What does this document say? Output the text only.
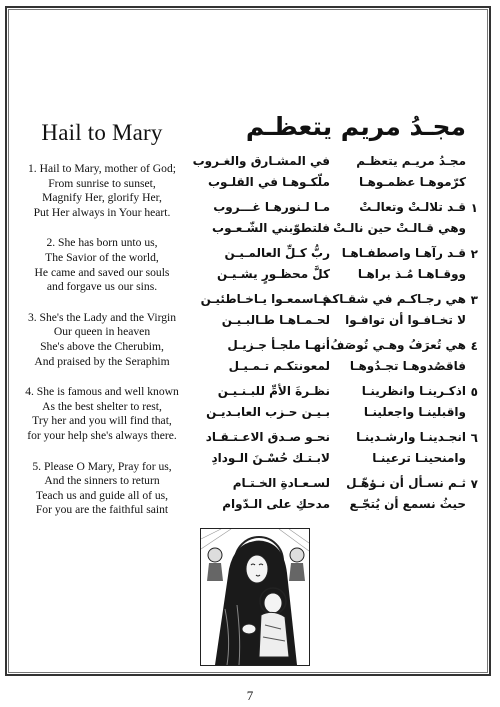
Hail to Mary
1. Hail to Mary, mother of God;
From sunrise to sunset,
Magnify Her, glorify Her,
Put Her always in Your heart.
2. She has born unto us,
The Savior of the world,
He came and saved our souls
and forgave us our sins.
3. She's the Lady and the Virgin
Our queen in heaven
She's above the Cherubim,
And praised by the Seraphim
4. She is famous and well known
As the best shelter to rest,
Try her and you will find that,
for your help she's always there.
5. Please O Mary, Pray for us,
And the sinners to return
Teach us and guide all of us,
For you are the faithful saint
مجـدُ مريم يتعظـم
مجـدُ مريـم يتعظـم
كرّموهـا عظمـوهـا
في المشـارق والغـروب
ملّكـوهـا في القلـوب
١
قـد تلالـتْ وتعالـتْ
وهي قـالـتْ حين نالـتْ
مـا لـنورهـا غـــروب
فلتطوّبني الشّـعـوب
٢
قـد رآهـا واصطفـاهـا
ووقـاهـا مُـذ براهـا
ربُّ كـلِّ العالمـيـن
كلَّ محظـورٍ يشـيـن
٣
هي رجـاكـم في شقـاكم
لا تخـافـوا أن توافـوا
فـاسمعـوا يـاخـاطئيـن
لحـمـاهـا طـالبـيـن
٤
هي تُعرَفُ وهـي تُوصَفُ
فاقصُدوهـا تجـدُوهـا
أنهـا ملجـأ جـزيـل
لمعونتكـم تـمـيـل
٥
اذكـرينـا وانظرينـا
واقبلينـا واجعلينـا
نظـرةَ الأمِّ للبـنـيـن
بـيـن حـزب العابـديـن
٦
انجـدينـا وارشـدينـا
وامنحينـا ترعينـا
نحـو صـدق الاعـتـقـاد
لابـتـك حُسْـنَ الـودادِ
٧
ثـم نسـأل أن نـؤهّـل
حيثُ نسمع أن يُتجّـع
لسـعـادةِ الخـتـام
مدحكِ على الـدّوام
7
